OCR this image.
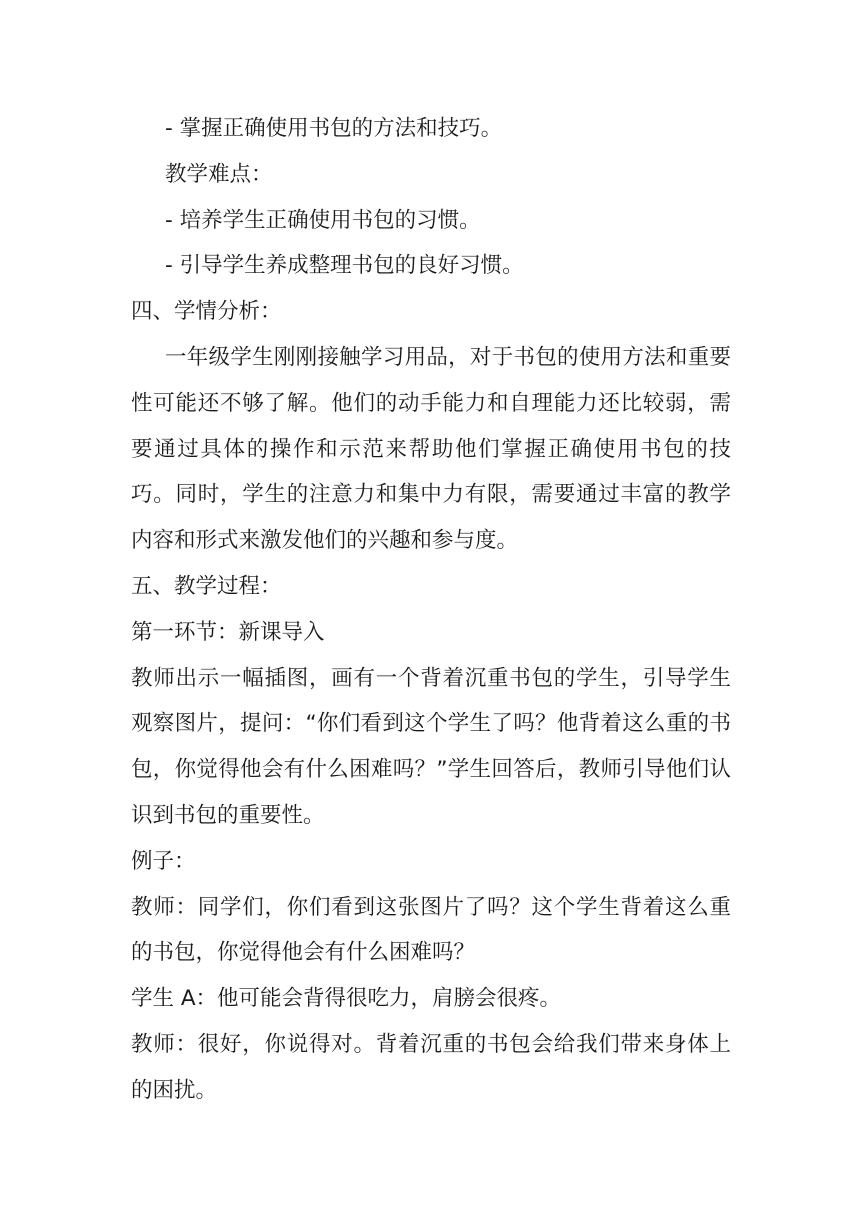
- 掌握正确使用书包的方法和技巧。

教学难点：

- 培养学生正确使用书包的习惯。

- 引导学生养成整理书包的良好习惯。

四、学情分析：

一年级学生刚刚接触学习用品，对于书包的使用方法和重要性可能还不够了解。他们的动手能力和自理能力还比较弱，需要通过具体的操作和示范来帮助他们掌握正确使用书包的技巧。同时，学生的注意力和集中力有限，需要通过丰富的教学内容和形式来激发他们的兴趣和参与度。

五、教学过程：

第一环节：新课导入

教师出示一幅插图，画有一个背着沉重书包的学生，引导学生观察图片，提问：“你们看到这个学生了吗？他背着这么重的书包，你觉得他会有什么困难吗？”学生回答后，教师引导他们认识到书包的重要性。

例子：

教师：同学们，你们看到这张图片了吗？这个学生背着这么重的书包，你觉得他会有什么困难吗？

学生 A：他可能会背得很吃力，肩膀会很疼。

教师：很好，你说得对。背着沉重的书包会给我们带来身体上的困扰。
